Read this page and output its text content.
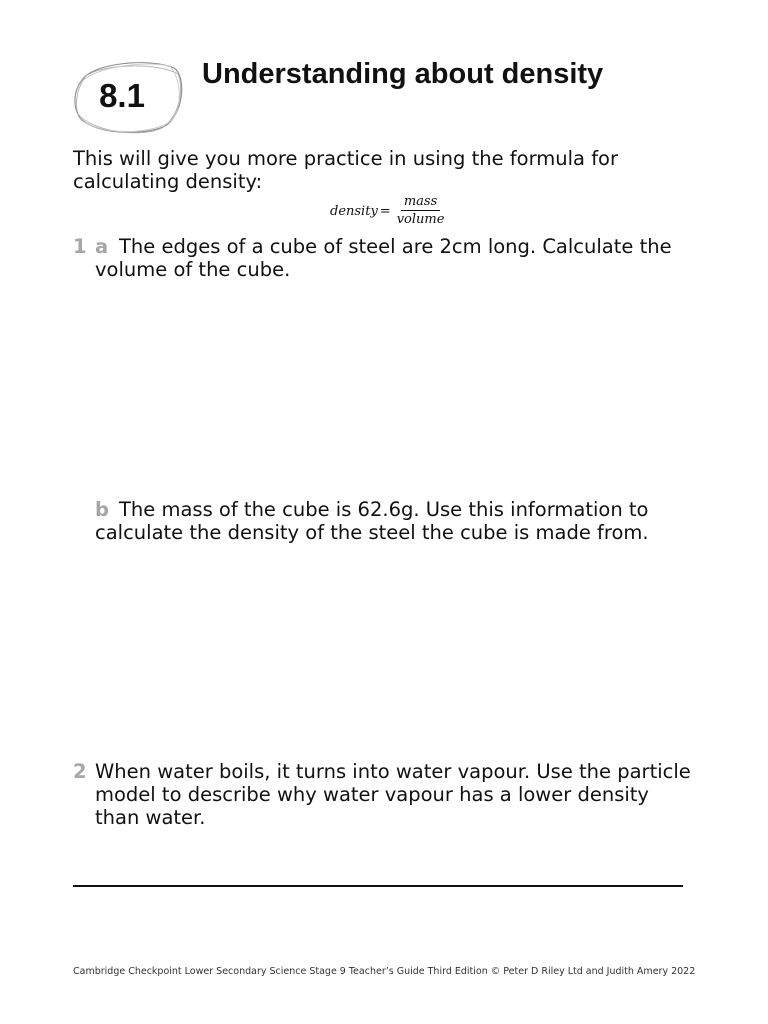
8.1
Understanding about density

This will give you more practice in using the formula for calculating density:

density = $\frac{\text{mass}}{\text{volume}}$
1 a The edges of a cube of steel are 2cm long. Calculate the volume of the cube.

b The mass of the cube is 62.6g. Use this information to calculate the density of the steel the cube is made from.

2 When water boils, it turns into water vapour. Use the particle model to describe why water vapour has a lower density than water.

Cambridge Checkpoint Lower Secondary Science Stage 9 Teacher’s Guide Third Edition © Peter D Riley Ltd and Judith Amery 2022
